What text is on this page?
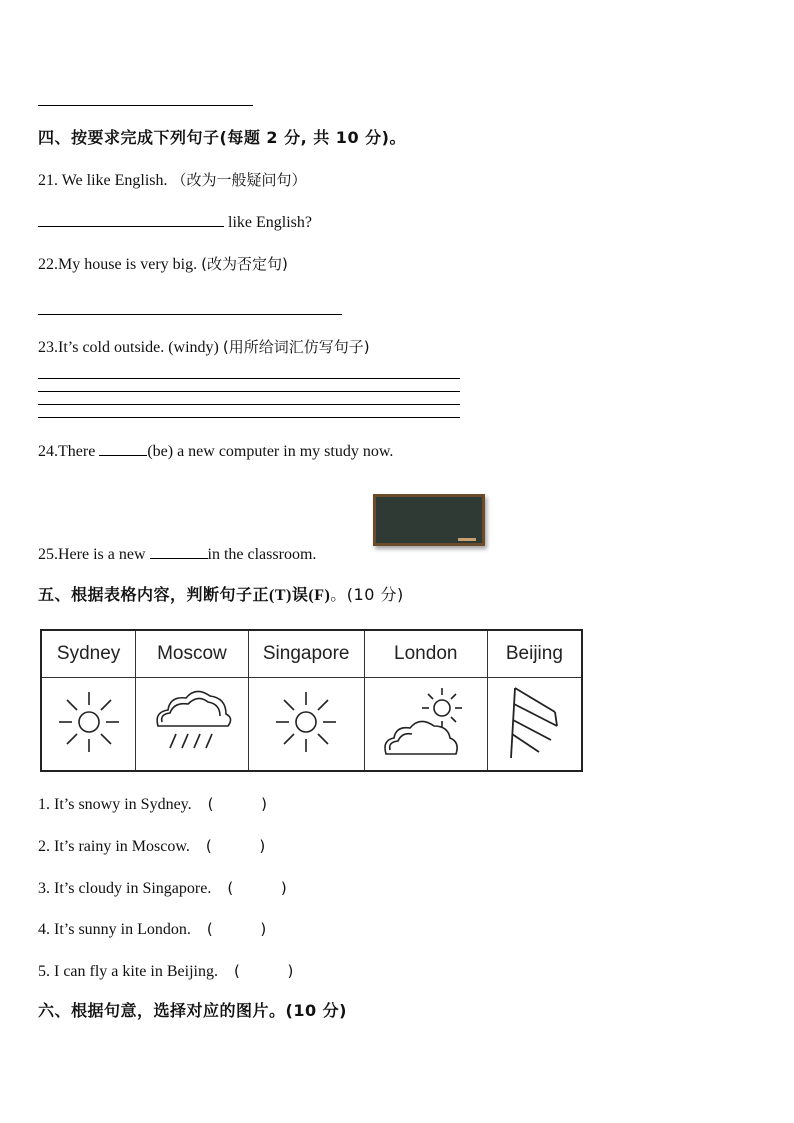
四、按要求完成下列句子(每题 2 分, 共 10 分)。
21. We like English. （改为一般疑问句）
like English?
22.My house is very big. (改为否定句)
23.It’s cold outside. (windy) (用所给词汇仿写句子)
24.There	(be) a new computer in my study now.
25.Here is a new	in the classroom.
五、根据表格内容，判断句子正(T)误(F)。(10 分)
Sydney	Moscow	Singapore	London	Beijing

1. It’s snowy in Sydney. (          )
2. It’s rainy in Moscow. (          )
3. It’s cloudy in Singapore. (          )
4. It’s sunny in London. (          )
5. I can fly a kite in Beijing. (          )
六、根据句意，选择对应的图片。(10 分)
